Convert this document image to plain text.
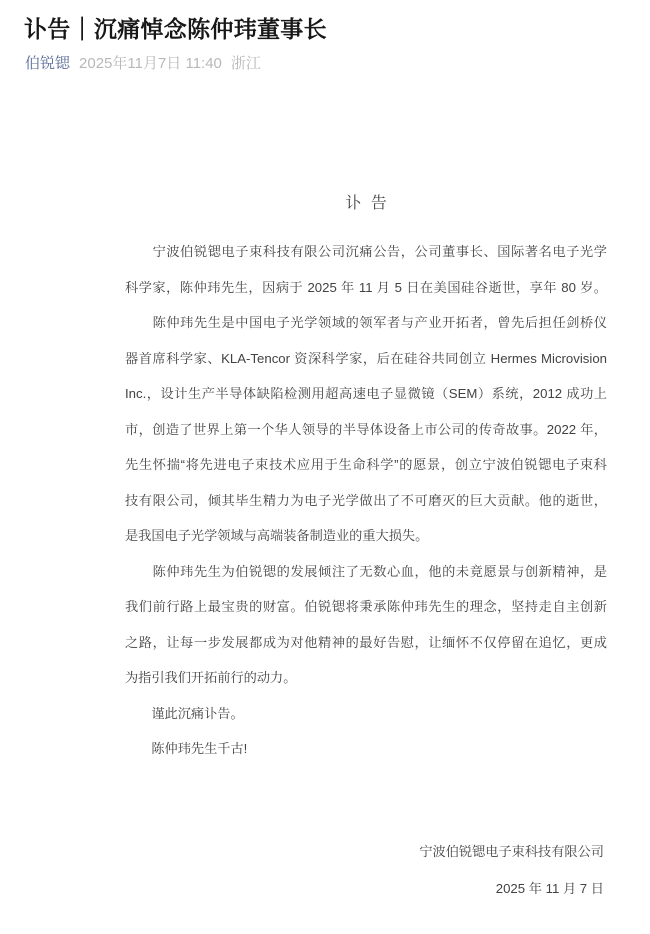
讣告｜沉痛悼念陈仲玮董事长
伯锐锶 2025年11月7日 11:40 浙江
讣 告
　　宁波伯锐锶电子束科技有限公司沉痛公告，公司董事长、国际著名电子光学
科学家，陈仲玮先生，因病于 2025 年 11 月 5 日在美国硅谷逝世，享年 80 岁。
　　陈仲玮先生是中国电子光学领域的领军者与产业开拓者，曾先后担任剑桥仪
器首席科学家、KLA-Tencor 资深科学家，后在硅谷共同创立 Hermes Microvision
Inc.，设计生产半导体缺陷检测用超高速电子显微镜（SEM）系统，2012 成功上
市，创造了世界上第一个华人领导的半导体设备上市公司的传奇故事。2022 年，
先生怀揣“将先进电子束技术应用于生命科学”的愿景，创立宁波伯锐锶电子束科
技有限公司，倾其毕生精力为电子光学做出了不可磨灭的巨大贡献。他的逝世，
是我国电子光学领域与高端装备制造业的重大损失。
　　陈仲玮先生为伯锐锶的发展倾注了无数心血，他的未竟愿景与创新精神，是
我们前行路上最宝贵的财富。伯锐锶将秉承陈仲玮先生的理念，坚持走自主创新
之路，让每一步发展都成为对他精神的最好告慰，让缅怀不仅停留在追忆，更成
为指引我们开拓前行的动力。
　　谨此沉痛讣告。
　　陈仲玮先生千古!
宁波伯锐锶电子束科技有限公司
2025 年 11 月 7 日
